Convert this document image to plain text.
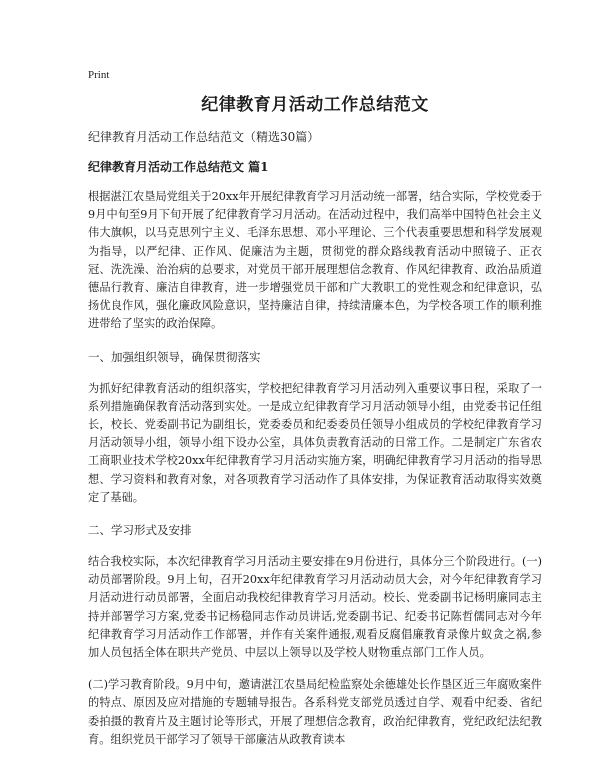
Print
纪律教育月活动工作总结范文
纪律教育月活动工作总结范文（精选30篇）
纪律教育月活动工作总结范文 篇1

根据湛江农垦局党组关于20xx年开展纪律教育学习月活动统一部署，结合实际，学校党委于9月中旬至9月下旬开展了纪律教育学习月活动。在活动过程中，我们高举中国特色社会主义伟大旗帜，以马克思列宁主义、毛泽东思想、邓小平理论、三个代表重要思想和科学发展观为指导，以严纪律、正作风、促廉洁为主题，贯彻党的群众路线教育活动中照镜子、正衣冠、洗洗澡、治治病的总要求，对党员干部开展理想信念教育、作风纪律教育、政治品质道德品行教育、廉洁自律教育，进一步增强党员干部和广大教职工的党性观念和纪律意识，弘扬优良作风，强化廉政风险意识，坚持廉洁自律，持续清廉本色，为学校各项工作的顺利推进带给了坚实的政治保障。

一、加强组织领导，确保贯彻落实

为抓好纪律教育活动的组织落实，学校把纪律教育学习月活动列入重要议事日程，采取了一系列措施确保教育活动落到实处。一是成立纪律教育学习月活动领导小组，由党委书记任组长，校长、党委副书记为副组长，党委委员和纪委委员任领导小组成员的学校纪律教育学习月活动领导小组，领导小组下设办公室，具体负责教育活动的日常工作。二是制定广东省农工商职业技术学校20xx年纪律教育学习月活动实施方案，明确纪律教育学习月活动的指导思想、学习资料和教育对象，对各项教育学习活动作了具体安排，为保证教育活动取得实效奠定了基础。

二、学习形式及安排

结合我校实际，本次纪律教育学习月活动主要安排在9月份进行，具体分三个阶段进行。(一)动员部署阶段。9月上旬，召开20xx年纪律教育学习月活动动员大会，对今年纪律教育学习月活动进行动员部署，全面启动我校纪律教育学习月活动。校长、党委副书记杨明廉同志主持并部署学习方案,党委书记杨稳同志作动员讲话,党委副书记、纪委书记陈哲儒同志对今年纪律教育学习月活动作工作部署，并作有关案件通报,观看反腐倡廉教育录像片蚁贪之祸,参加人员包括全体在职共产党员、中层以上领导以及学校人财物重点部门工作人员。

(二)学习教育阶段。9月中旬，邀请湛江农垦局纪检监察处余德雄处长作垦区近三年腐败案件的特点、原因及应对措施的专题辅导报告。各系科党支部党员透过自学、观看中纪委、省纪委拍摄的教育片及主题讨论等形式，开展了理想信念教育，政治纪律教育，党纪政纪法纪教育。组织党员干部学习了领导干部廉洁从政教育读本
